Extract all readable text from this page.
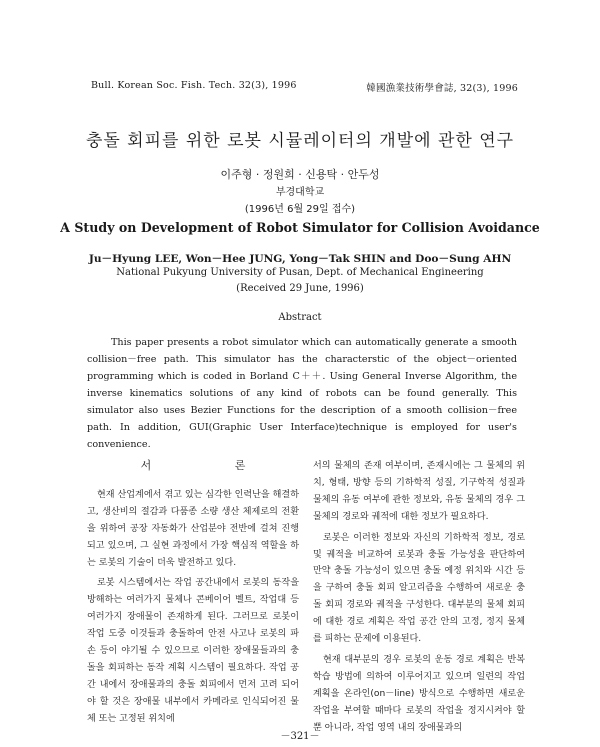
Bull. Korean Soc. Fish. Tech. 32(3), 1996	韓國漁業技術學會誌, 32(3), 1996
충돌 회피를 위한 로봇 시뮬레이터의 개발에 관한 연구
이주형 · 정원희 · 신용탁 · 안두성
부경대학교
(1996년 6월 29일 접수)
A Study on Development of Robot Simulator for Collision Avoidance
Ju－Hyung LEE, Won－Hee JUNG, Yong－Tak SHIN and Doo－Sung AHN
National Pukyung University of Pusan, Dept. of Mechanical Engineering
(Received 29 June, 1996)
Abstract

This paper presents a robot simulator which can automatically generate a smooth collision－free path. This simulator has the characterstic of the object－oriented programming which is coded in Borland C＋＋. Using General Inverse Algorithm, the inverse kinematics solutions of any kind of robots can be found generally. This simulator also uses Bezier Functions for the description of a smooth collision－free path. In addition, GUI(Graphic User Interface)technique is employed for user's convenience.

서 론

현재 산업계에서 겪고 있는 심각한 인력난을 해결하고, 생산비의 절감과 다품종 소량 생산 체제로의 전환을 위하여 공장 자동화가 산업분야 전반에 걸쳐 진행되고 있으며, 그 실현 과정에서 가장 핵심적 역할을 하는 로봇의 기술이 더욱 발전하고 있다.

로봇 시스템에서는 작업 공간내에서 로봇의 동작을 방해하는 여러가지 물체나 콘베이어 벨트, 작업대 등 여러가지 장애물이 존재하게 된다. 그러므로 로봇이 작업 도중 이것들과 충돌하여 안전 사고나 로봇의 파손 등이 야기될 수 있으므로 이러한 장애물들과의 충돌을 회피하는 동작 계획 시스템이 필요하다. 작업 공간 내에서 장애물과의 충돌 회피에서 먼저 고려 되어야 할 것은 장애물 내부에서 카메라로 인식되어진 물체 또는 고정된 위치에

서의 물체의 존재 여부이며, 존재시에는 그 물체의 위치, 형태, 방향 등의 기하학적 성질, 기구학적 성질과 물체의 유동 여부에 관한 정보와, 유동 물체의 경우 그 물체의 경로와 궤적에 대한 정보가 필요하다.

로봇은 이러한 정보와 자신의 기하학적 정보, 경로 및 궤적을 비교하여 로봇과 충돌 가능성을 판단하여 만약 충돌 가능성이 있으면 충돌 예정 위치와 시간 등을 구하여 충돌 회피 알고리즘을 수행하여 새로운 충돌 회피 경로와 궤적을 구성한다. 대부분의 물체 회피에 대한 경로 계획은 작업 공간 안의 고정, 정지 물체를 피하는 문제에 이용된다.

현재 대부분의 경우 로봇의 운동 경로 계획은 반복 학습 방법에 의하여 이루어지고 있으며 일련의 작업 계획을 온라인(on－line) 방식으로 수행하면 새로운 작업을 부여할 때마다 로봇의 작업을 정지시켜야 할 뿐 아니라, 작업 영역 내의 장애물과의

－321－
